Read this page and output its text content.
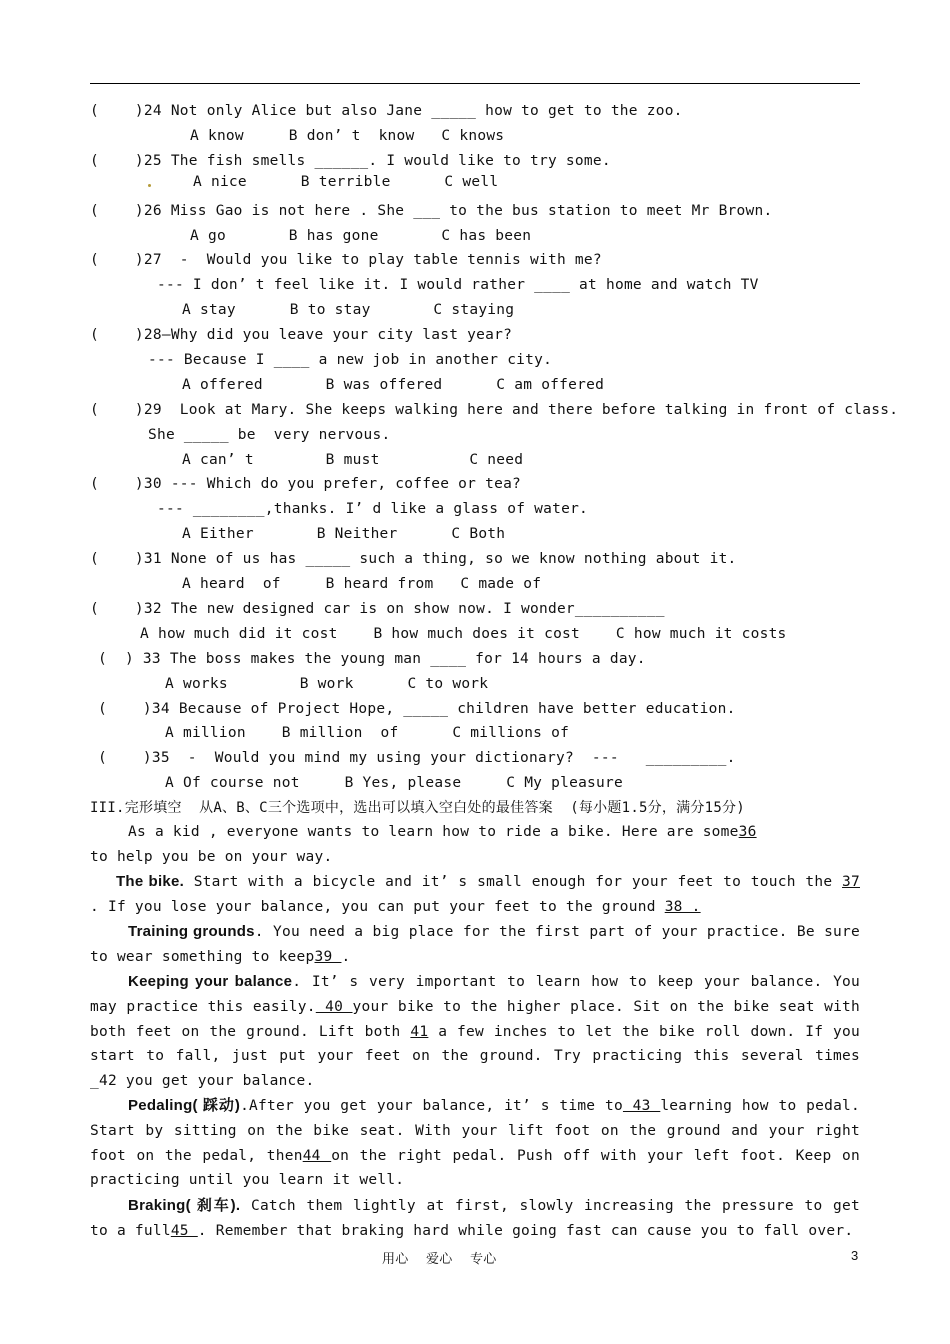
(    )24 Not only Alice but also Jane _____ how to get to the zoo.
A know     B don’ t  know   C knows
(    )25 The fish smells ______. I would like to try some.
A nice      B terrible      C well
(    )26 Miss Gao is not here . She ___ to the bus station to meet Mr Brown.
A go       B has gone       C has been
(    )27  -  Would you like to play table tennis with me?
--- I don’ t feel like it. I would rather ____ at home and watch TV
A stay      B to stay       C staying
(    )28—Why did you leave your city last year?
--- Because I ____ a new job in another city.
A offered       B was offered      C am offered
(    )29  Look at Mary. She keeps walking here and there before talking in front of class.
She _____ be  very nervous.
A can’ t        B must          C need
(    )30 --- Which do you prefer, coffee or tea?
--- ________,thanks. I’ d like a glass of water.
A Either       B Neither      C Both
(    )31 None of us has _____ such a thing, so we know nothing about it.
A heard  of     B heard from   C made of
(    )32 The new designed car is on show now. I wonder__________
A how much did it cost    B how much does it cost    C how much it costs
(  ) 33 The boss makes the young man ____ for 14 hours a day.
A works        B work      C to work
(    )34 Because of Project Hope, _____ children have better education.
A million    B million  of      C millions of
(    )35  -  Would you mind my using your dictionary?  ---   _________.
A Of course not     B Yes, please     C My pleasure
III.完形填空  从A、B、C三个选项中，选出可以填入空白处的最佳答案  (每小题1.5分，满分15分)
As a kid , everyone wants to learn how to ride a bike. Here are some36
to help you be on your way.
The bike. Start with a bicycle and it’ s small enough for your feet to touch the 37 . If you lose your balance, you can put your feet to the ground 38 .
Training grounds. You need a big place for the first part of your practice. Be sure to wear something to keep39 .
Keeping your balance. It’ s very important to learn how to keep your balance. You may practice this easily. 40 your bike to the higher place. Sit on the bike seat with both feet on the ground. Lift both 41 a few inches to let the bike roll down. If you start to fall, just put your feet on the ground. Try practicing this several times _42 you get your balance.
Pedaling( 踩动).After you get your balance, it’ s time to 43 learning how to pedal. Start by sitting on the bike seat. With your lift foot on the ground and your right foot on the pedal, then44 on the right pedal. Push off with your left foot. Keep on practicing until you learn it well.
Braking( 刹车). Catch them lightly at first, slowly increasing the pressure to get to a full45 . Remember that braking hard while going fast can cause you to fall over.
用心    爱心    专心	3
